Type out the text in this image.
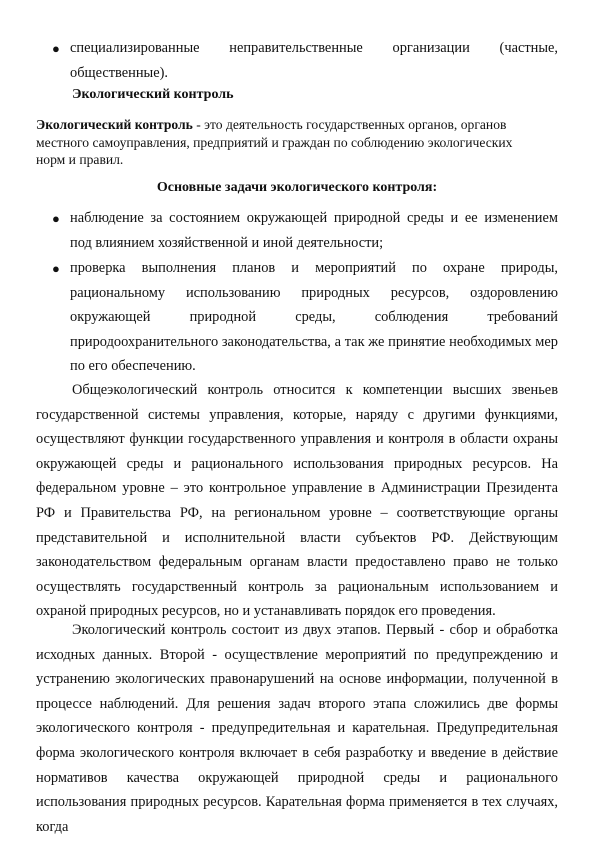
● специализированные неправительственные организации (частные, общественные).

Экологический контроль

Экологический контроль - это деятельность государственных органов, органов местного самоуправления, предприятий и граждан по соблюдению экологических норм и правил.

Основные задачи экологического контроля:

● наблюдение за состоянием окружающей природной среды и ее изменением под влиянием хозяйственной и иной деятельности;
● проверка выполнения планов и мероприятий по охране природы, рациональному использованию природных ресурсов, оздоровлению окружающей природной среды, соблюдения требований природоохранительного законодательства, а так же принятие необходимых мер по его обеспечению.

Общеэкологический контроль относится к компетенции высших звеньев государственной системы управления, которые, наряду с другими функциями, осуществляют функции государственного управления и контроля в области охраны окружающей среды и рационального использования природных ресурсов. На федеральном уровне – это контрольное управление в Администрации Президента РФ и Правительства РФ, на региональном уровне – соответствующие органы представительной и исполнительной власти субъектов РФ. Действующим законодательством федеральным органам власти предоставлено право не только осуществлять государственный контроль за рациональным использованием и охраной природных ресурсов, но и устанавливать порядок его проведения.

Экологический контроль состоит из двух этапов. Первый - сбор и обработка исходных данных. Второй - осуществление мероприятий по предупреждению и устранению экологических правонарушений на основе информации, полученной в процессе наблюдений. Для решения задач второго этапа сложились две формы экологического контроля - предупредительная и карательная. Предупредительная форма экологического контроля включает в себя разработку и введение в действие нормативов качества окружающей природной среды и рационального использования природных ресурсов. Карательная форма применяется в тех случаях, когда
